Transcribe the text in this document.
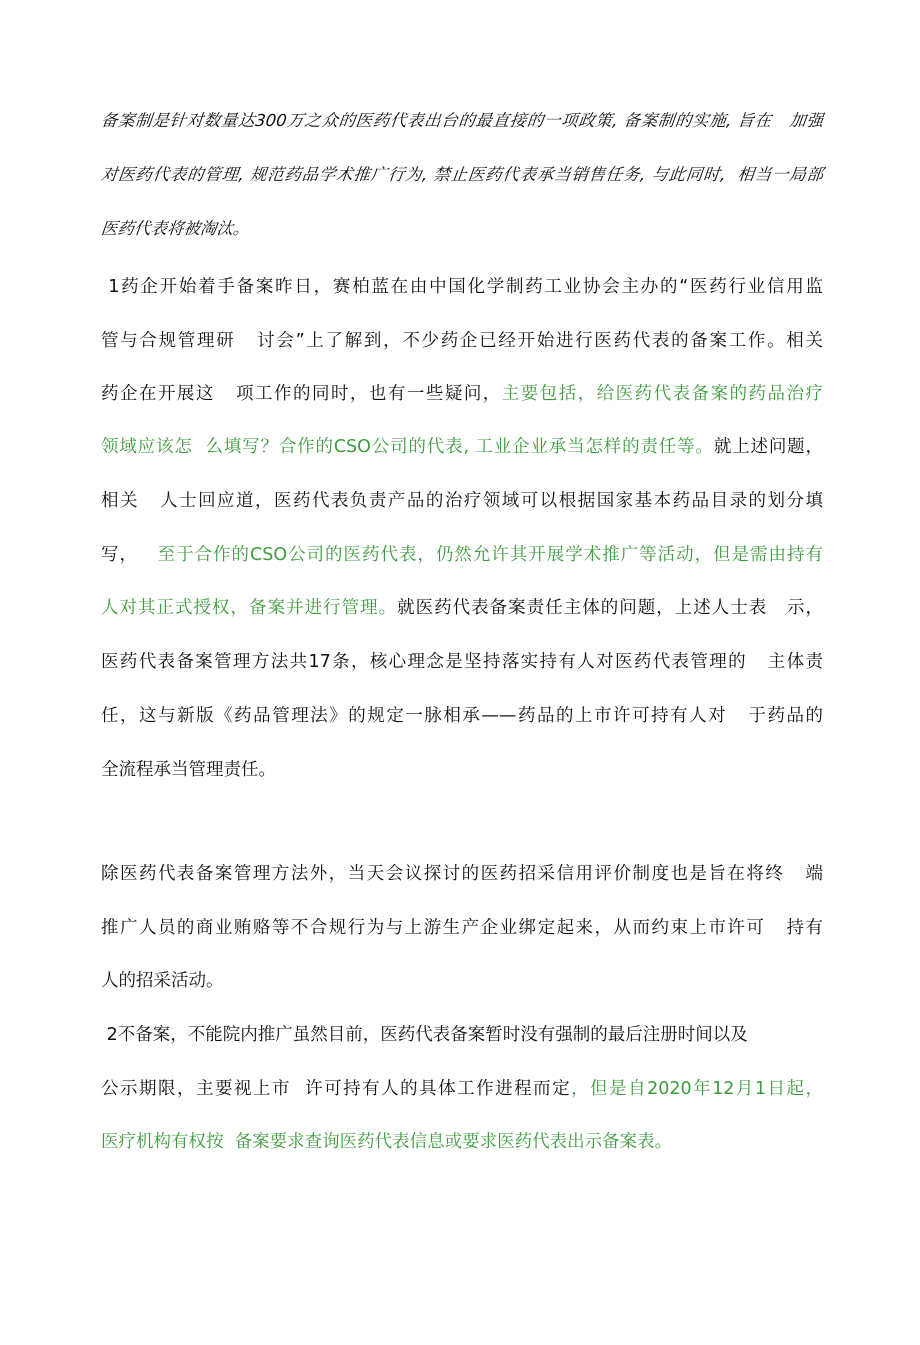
备案制是针对数量达300万之众的医药代表出台的最直接的一项政策, 备案制的实施, 旨在   加强
对医药代表的管理, 规范药品学术推广行为, 禁止医药代表承当销售任务, 与此同时,  相当一局部
医药代表将被淘汰。
1药企开始着手备案昨日，赛柏蓝在由中国化学制药工业协会主办的“医药行业信用监
管与合规管理研   讨会”上了解到，不少药企已经开始进行医药代表的备案工作。相关
药企在开展这   项工作的同时，也有一些疑问，主要包括，给医药代表备案的药品治疗
领域应该怎  么填写？合作的CSO公司的代表, 工业企业承当怎样的责任等。就上述问题，
相关   人士回应道，医药代表负责产品的治疗领域可以根据国家基本药品目录的划分填
写，   至于合作的CSO公司的医药代表，仍然允许其开展学术推广等活动，但是需由持有
人对其正式授权，备案并进行管理。就医药代表备案责任主体的问题，上述人士表   示，
医药代表备案管理方法共17条，核心理念是坚持落实持有人对医药代表管理的   主体责
任，这与新版《药品管理法》的规定一脉相承——药品的上市许可持有人对   于药品的
全流程承当管理责任。
除医药代表备案管理方法外，当天会议探讨的医药招采信用评价制度也是旨在将终   端
推广人员的商业贿赂等不合规行为与上游生产企业绑定起来，从而约束上市许可   持有
人的招采活动。
2不备案，不能院内推广虽然目前，医药代表备案暂时没有强制的最后注册时间以及
公示期限，主要视上市  许可持有人的具体工作进程而定，但是自2020年12月1日起，
医疗机构有权按  备案要求查询医药代表信息或要求医药代表出示备案表。
